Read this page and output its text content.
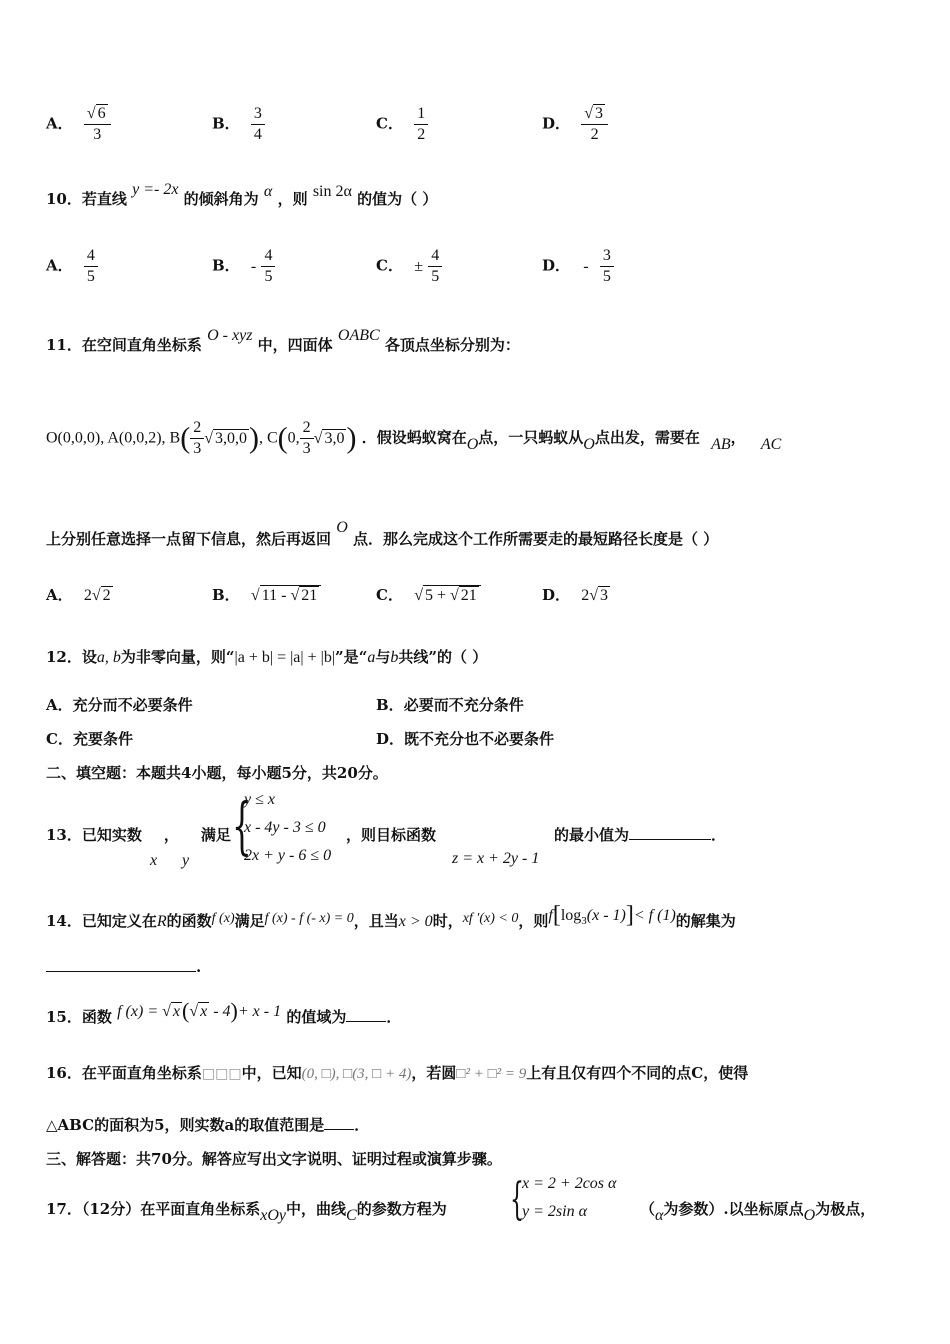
A． $\frac{√ 6}{3}$	B． $\frac{3}{4}$	C． $\frac{1}{2}$	D． $\frac{√ 3}{2}$
10．若直线 y =- 2x 的倾斜角为 α ，则 sin 2α 的值为（ ）
A． $\frac{4}{5}$	B． - $\frac{4}{5}$	C． ± $\frac{4}{5}$	D． - $\frac{3}{5}$
11．在空间直角坐标系 O - xyz 中，四面体 OABC 各顶点坐标分别为：
O(0,0,0), A(0,0,2), $B( \frac{2}{3}$ √ 3,0,0), C(0, $\frac{2}{3}$ √ 3,0) ．假设蚂蚁窝在O点，一只蚂蚁从O点出发，需要在 AB， AC
上分别任意选择一点留下信息，然后再返回 O 点．那么完成这个工作所需要走的最短路径长度是（ ）
A． 2√ 2	B． √ 11 - √ 21	C． √ 5 + √ 21	D． 2√ 3
12．设a, b为非零向量，则“|a + b| = |a| + |b|”是“a与b共线”的（ ）
A．充分而不必要条件	B．必要而不充分条件
C．充要条件	D．既不充分也不必要条件
二、填空题：本题共4小题，每小题5分，共20分。
13．已知实数 ， 满足
x y {
y ≤ x
x - 4y - 3 ≤ 0
2x + y - 6 ≤ 0
，则目标函数
z = x + 2y - 1
的最小值为	．
14．已知定义在R的函数f (x)满足f (x) - f (- x) = 0，且当x > 0时，xf ′(x) < 0，则$f[\log_3(x - 1)]< f$ (1)的解集为
.
15．函数 f (x) = √ x(√ x - 4)+ x - 1 的值域为	．
16．在平面直角坐标系□□□中，已知(0, □), □(3, □ + 4)，若圆□² + □² = 9上有且仅有四个不同的点C，使得
△ABC的面积为5，则实数a的取值范围是 ．
三、解答题：共70分。解答应写出文字说明、证明过程或演算步骤。
17．（12分）在平面直角坐标系xOy中，曲线C的参数方程为 {
x = 2 + 2cos α
y = 2sin α	（α为参数）.以坐标原点O为极点，
